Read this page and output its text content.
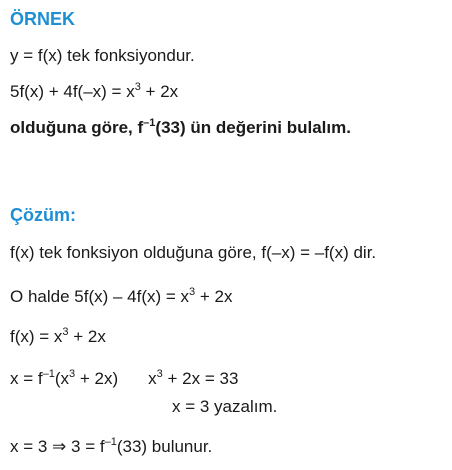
ÖRNEK
y = f(x) tek fonksiyondur.
$5f(x) + 4f(-x) = x^3 + 2x$
olduğuna göre, $f^{-1}(33)$ ün değerini bulalım.
Çözüm:
f(x) tek fonksiyon olduğuna göre, f(–x) = –f(x) dir.
O halde $5f(x) - 4f(x) = x^3 + 2x$
$f(x) = x^3 + 2x$
$x = f^{-1}(x^3 + 2x) x^3 + 2x = 33$
x = 3 yazalım.
x = 3 ⇒ $3 = f^{-1}(33)$ bulunur.
